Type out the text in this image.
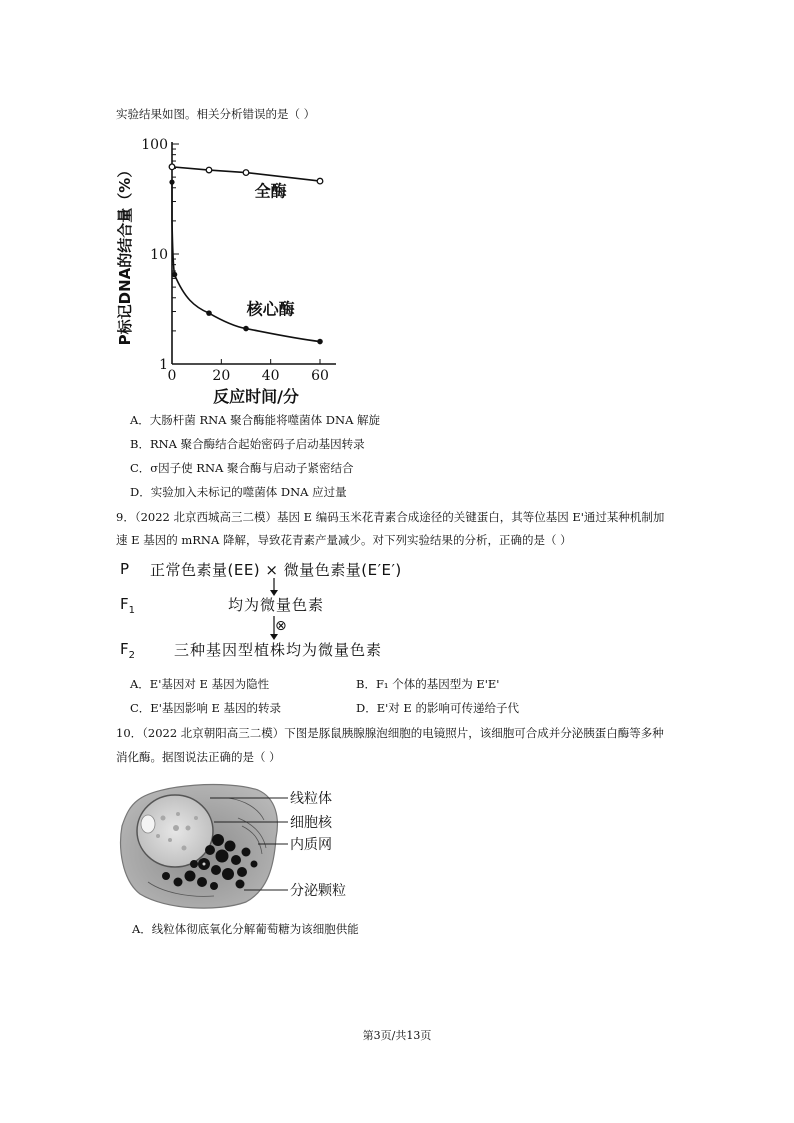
实验结果如图。相关分析错误的是（ ）
100
10
1
0	20 40 60
反应时间/分
P标记DNA的结合量（%）	全酶
核心酶
A．大肠杆菌 RNA 聚合酶能将噬菌体 DNA 解旋
B．RNA 聚合酶结合起始密码子启动基因转录
C．σ因子使 RNA 聚合酶与启动子紧密结合
D．实验加入未标记的噬菌体 DNA 应过量
9．（2022 北京西城高三二模）基因 E 编码玉米花青素合成途径的关键蛋白，其等位基因 E'通过某种机制加
速 E 基因的 mRNA 降解，导致花青素产量减少。对下列实验结果的分析，正确的是（ ）
P 正常色素量(EE) × 微量色素量(E′E′)
$F_1$	均为微量色素
$F_2$	三种基因型植株均为微量色素
⊗
A．E'基因对 E 基因为隐性	B．F₁ 个体的基因型为 E'E'
C．E'基因影响 E 基因的转录	D．E'对 E 的影响可传递给子代
10．（2022 北京朝阳高三二模）下图是豚鼠胰腺腺泡细胞的电镜照片，该细胞可合成并分泌胰蛋白酶等多种
消化酶。据图说法正确的是（ ）
线粒体
细胞核
内质网
分泌颗粒
A．线粒体彻底氧化分解葡萄糖为该细胞供能
第3页/共13页
